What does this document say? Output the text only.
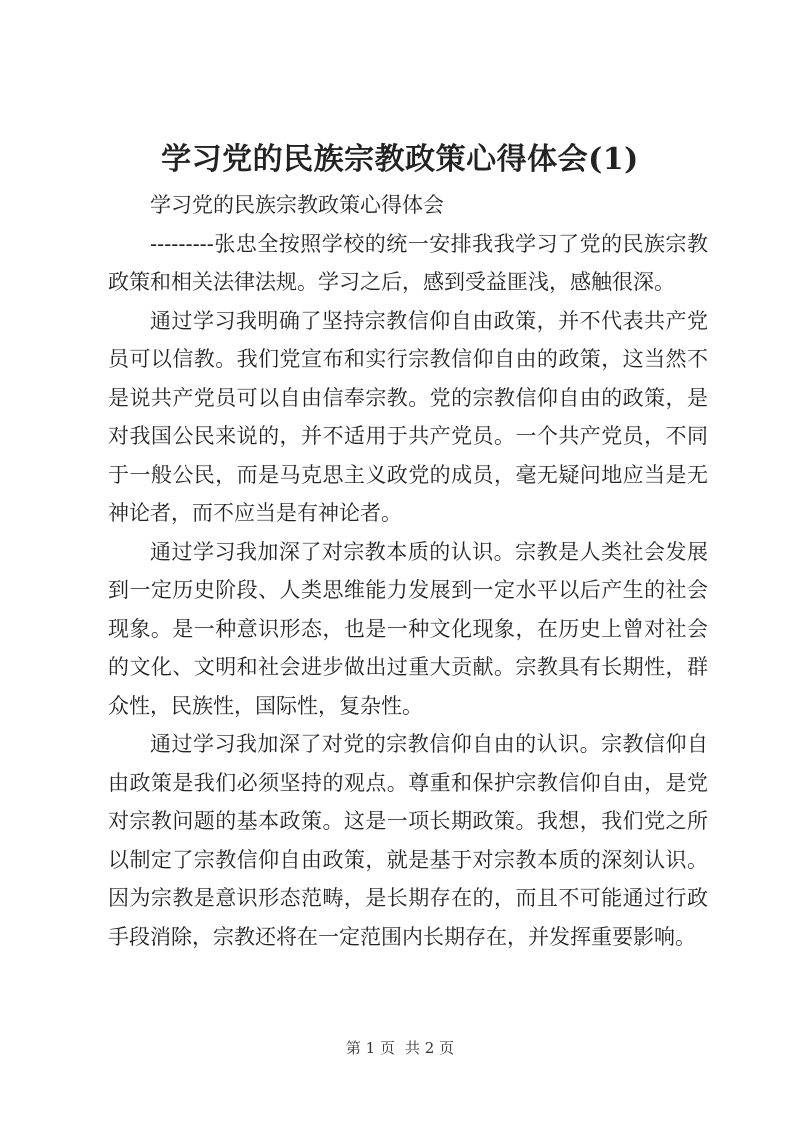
学习党的民族宗教政策心得体会(1)

学习党的民族宗教政策心得体会

---------张忠全按照学校的统一安排我我学习了党的民族宗教政策和相关法律法规。学习之后，感到受益匪浅，感触很深。

通过学习我明确了坚持宗教信仰自由政策，并不代表共产党员可以信教。我们党宣布和实行宗教信仰自由的政策，这当然不是说共产党员可以自由信奉宗教。党的宗教信仰自由的政策，是对我国公民来说的，并不适用于共产党员。一个共产党员，不同于一般公民，而是马克思主义政党的成员，毫无疑问地应当是无神论者，而不应当是有神论者。

通过学习我加深了对宗教本质的认识。宗教是人类社会发展到一定历史阶段、人类思维能力发展到一定水平以后产生的社会现象。是一种意识形态，也是一种文化现象，在历史上曾对社会的文化、文明和社会进步做出过重大贡献。宗教具有长期性，群众性，民族性，国际性，复杂性。

通过学习我加深了对党的宗教信仰自由的认识。宗教信仰自由政策是我们必须坚持的观点。尊重和保护宗教信仰自由，是党对宗教问题的基本政策。这是一项长期政策。我想，我们党之所以制定了宗教信仰自由政策，就是基于对宗教本质的深刻认识。因为宗教是意识形态范畴，是长期存在的，而且不可能通过行政手段消除，宗教还将在一定范围内长期存在，并发挥重要影响。

第 1 页 共 2 页
